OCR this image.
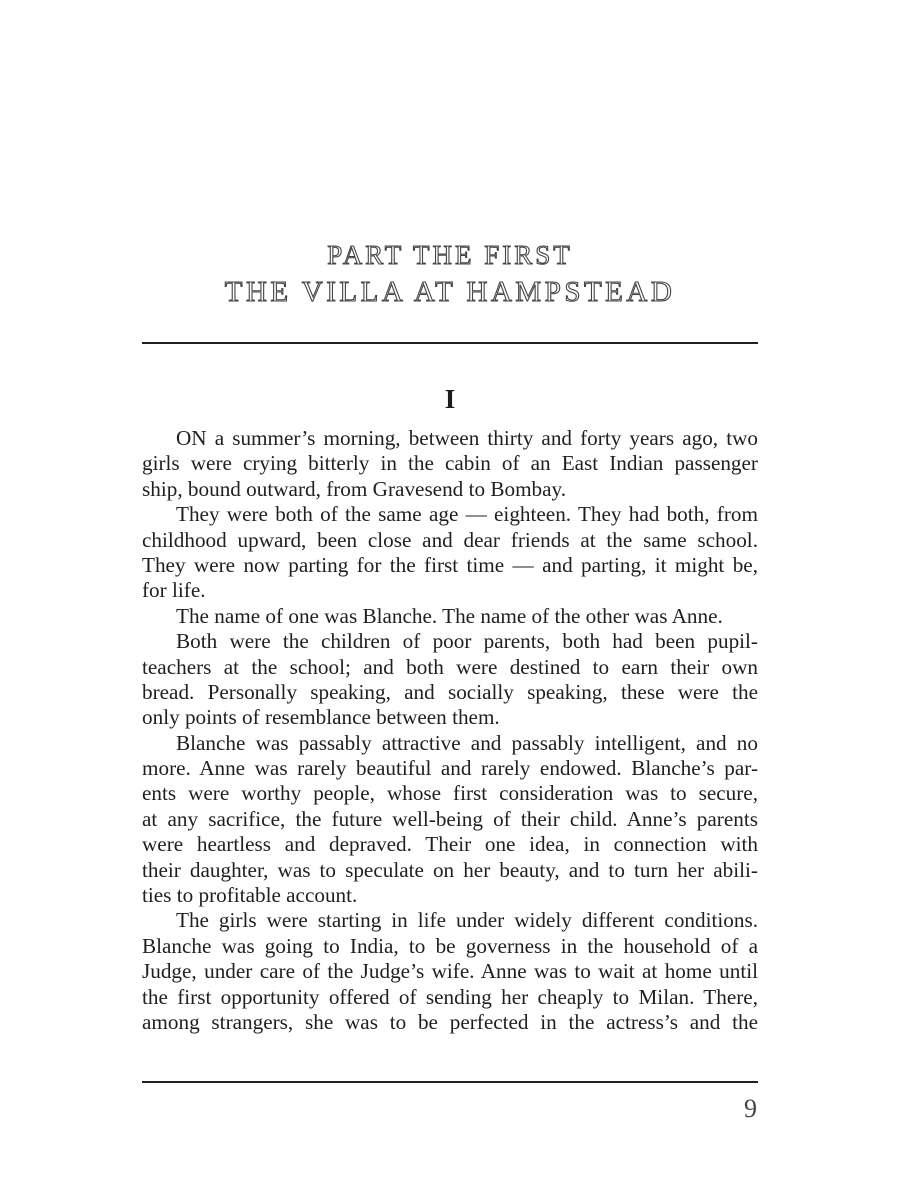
PART THE FIRST
THE VILLA AT HAMPSTEAD
I
ON a summer’s morning, between thirty and forty years ago, two
girls were crying bitterly in the cabin of an East Indian passenger
ship, bound outward, from Gravesend to Bombay.
They were both of the same age — eighteen. They had both, from
childhood upward, been close and dear friends at the same school.
They were now parting for the first time — and parting, it might be,
for life.
The name of one was Blanche. The name of the other was Anne.
Both were the children of poor parents, both had been pupil-
teachers at the school; and both were destined to earn their own
bread. Personally speaking, and socially speaking, these were the
only points of resemblance between them.
Blanche was passably attractive and passably intelligent, and no
more. Anne was rarely beautiful and rarely endowed. Blanche’s par-
ents were worthy people, whose first consideration was to secure,
at any sacrifice, the future well-being of their child. Anne’s parents
were heartless and depraved. Their one idea, in connection with
their daughter, was to speculate on her beauty, and to turn her abili-
ties to profitable account.
The girls were starting in life under widely different conditions.
Blanche was going to India, to be governess in the household of a
Judge, under care of the Judge’s wife. Anne was to wait at home until
the first opportunity offered of sending her cheaply to Milan. There,
among strangers, she was to be perfected in the actress’s and the
9
